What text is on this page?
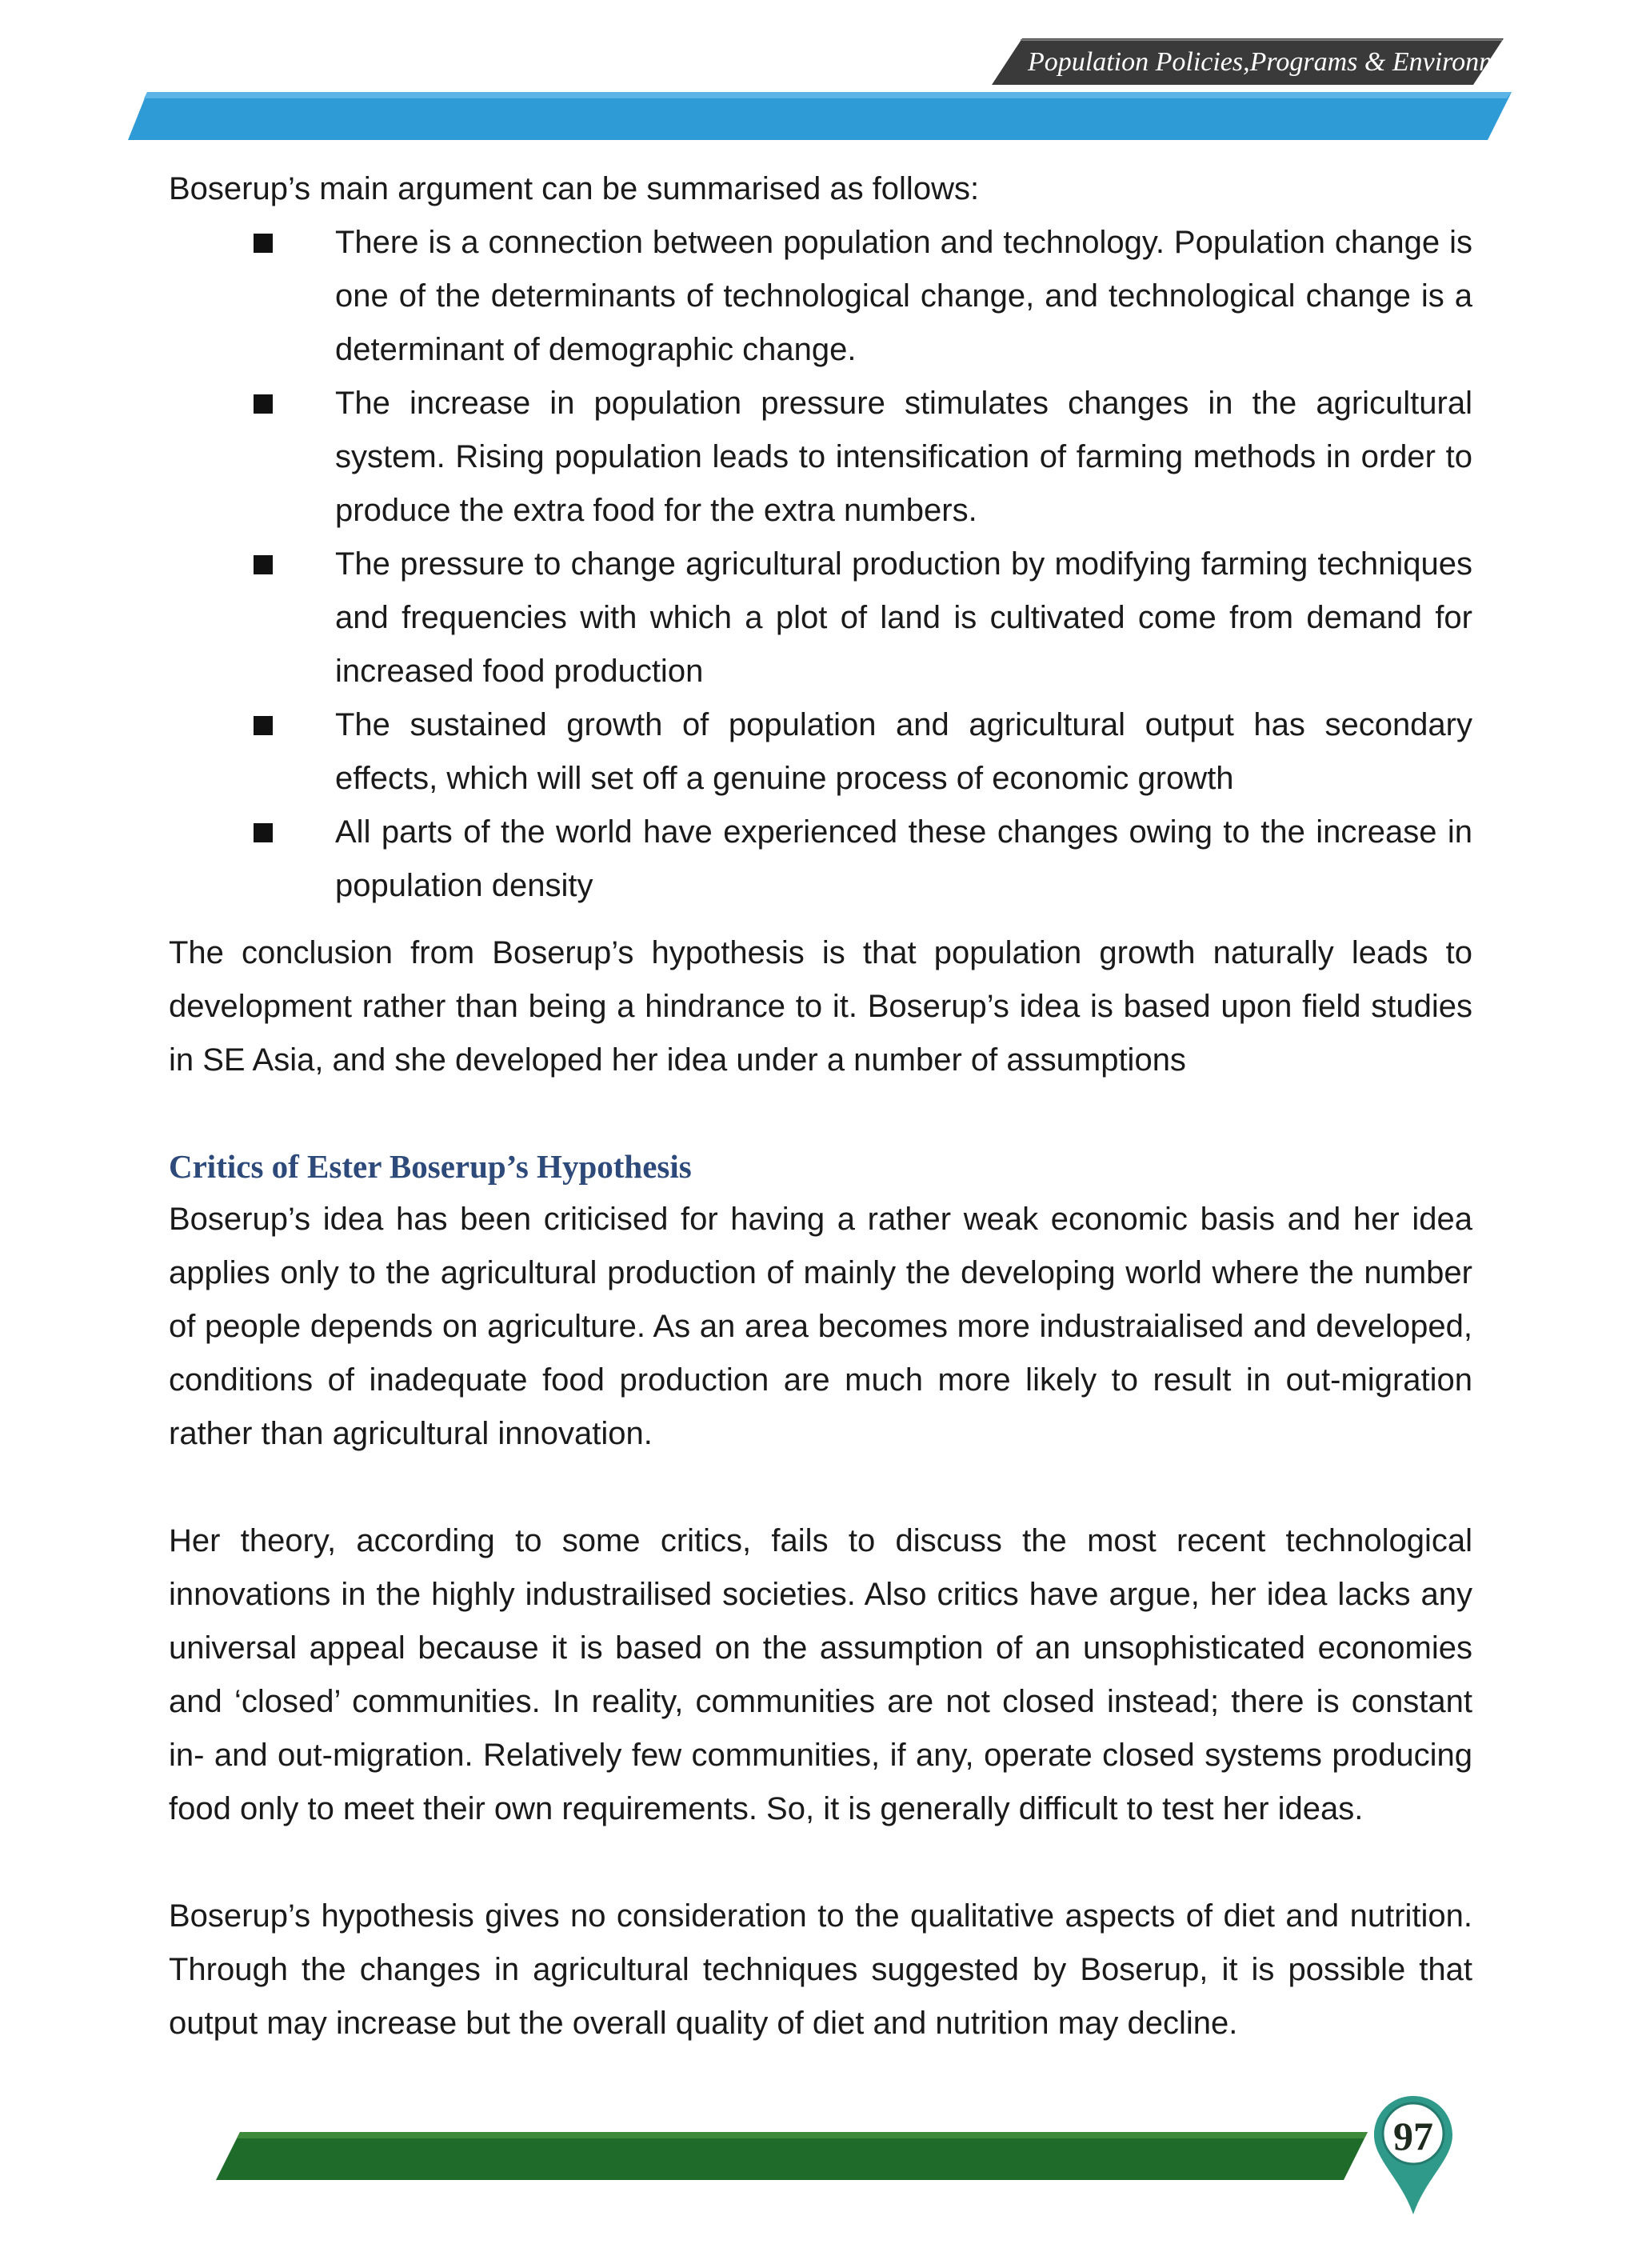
Population Policies,Programs & Environment

Boserup’s main argument can be summarised as follows:

There is a connection between population and technology. Population change is one of the determinants of technological change, and technological change is a determinant of demographic change.
The increase in population pressure stimulates changes in the agricultural system. Rising population leads to intensification of farming methods in order to produce the extra food for the extra numbers.
The pressure to change agricultural production by modifying farming techniques and frequencies with which a plot of land is cultivated come from demand for increased food production
The sustained growth of population and agricultural output has secondary effects, which will set off a genuine process of economic growth
All parts of the world have experienced these changes owing to the increase in population density

The conclusion from Boserup’s hypothesis is that population growth naturally leads to development rather than being a hindrance to it. Boserup’s idea is based upon field studies in SE Asia, and she developed her idea under a number of assumptions

Critics of Ester Boserup’s Hypothesis

Boserup’s idea has been criticised for having a rather weak economic basis and her idea applies only to the agricultural production of mainly the developing world where the number of people depends on agriculture. As an area becomes more industraialised and developed, conditions of inadequate food production are much more likely to result in out-migration rather than agricultural innovation.

Her theory, according to some critics, fails to discuss the most recent technological innovations in the highly industrailised societies. Also critics have argue, her idea lacks any universal appeal because it is based on the assumption of an unsophisticated economies and ‘closed’ communities. In reality, communities are not closed instead; there is constant in- and out-migration. Relatively few communities, if any, operate closed systems producing food only to meet their own requirements. So, it is generally difficult to test her ideas.

Boserup’s hypothesis gives no consideration to the qualitative aspects of diet and nutrition. Through the changes in agricultural techniques suggested by Boserup, it is possible that output may increase but the overall quality of diet and nutrition may decline.

97
